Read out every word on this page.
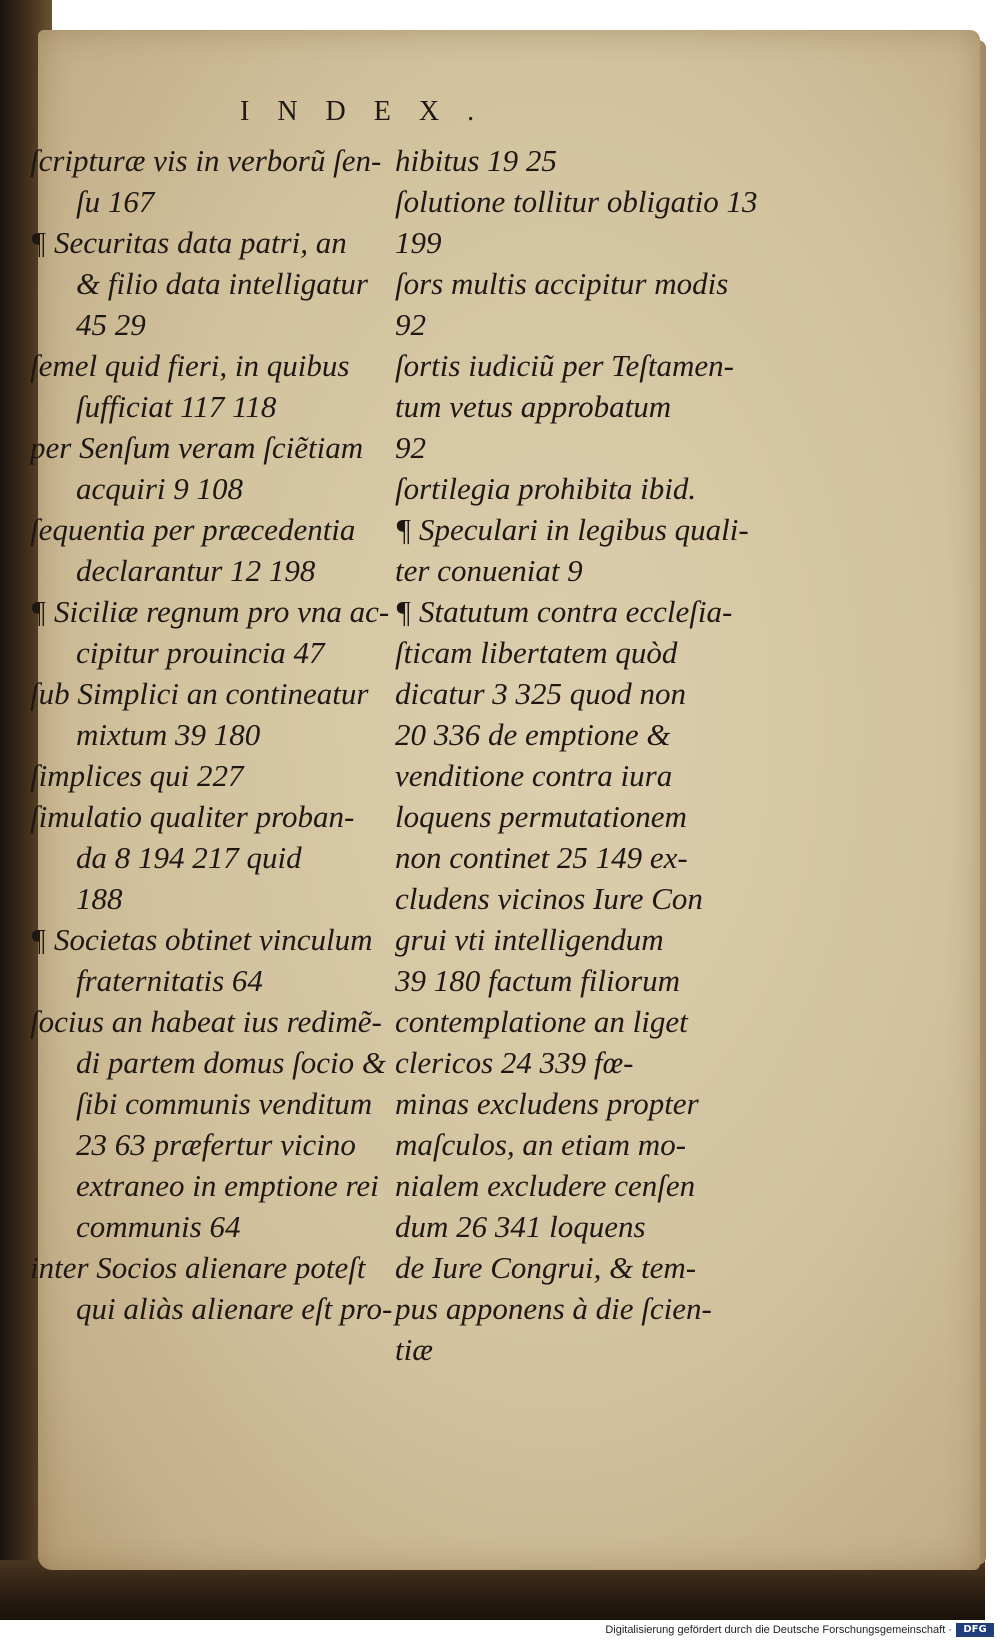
INDEX.
ſcripturæ vis in verborũ ſen-
ſu 167
¶ Securitas data patri, an
& filio data intelligatur
45 29
ſemel quid fieri, in quibus
ſufficiat 117 118
per Senſum veram ſciẽtiam
acquiri 9 108
ſequentia per præcedentia
declarantur 12 198
¶ Siciliæ regnum pro vna ac-
cipitur prouincia 47
ſub Simplici an contineatur
mixtum 39 180
ſimplices qui 227
ſimulatio qualiter proban-
da 8 194 217 quid
188
¶ Societas obtinet vinculum
fraternitatis 64
ſocius an habeat ius redimẽ-
di partem domus ſocio &
ſibi communis venditum
23 63 præfertur vicino
extraneo in emptione rei
communis 64
inter Socios alienare poteſt
qui aliàs alienare eſt pro-
hibitus 19 25
ſolutione tollitur obligatio 13
199
ſors multis accipitur modis
92
ſortis iudiciũ per Teſtamen-
tum vetus approbatum
92
ſortilegia prohibita ibid.
¶ Speculari in legibus quali-
ter conueniat 9
¶ Statutum contra eccleſia-
ſticam libertatem quòd
dicatur 3 325 quod non
20 336 de emptione &
venditione contra iura
loquens permutationem
non continet 25 149 ex-
cludens vicinos Iure Con
grui vti intelligendum
39 180 factum filiorum
contemplatione an liget
clericos 24 339 fœ-
minas excludens propter
maſculos, an etiam mo-
nialem excludere cenſen
dum 26 341 loquens
de Iure Congrui, & tem-
pus apponens à die ſcien-
tiæ
Digitalisierung gefördert durch die Deutsche Forschungsgemeinschaft ·	DFG
